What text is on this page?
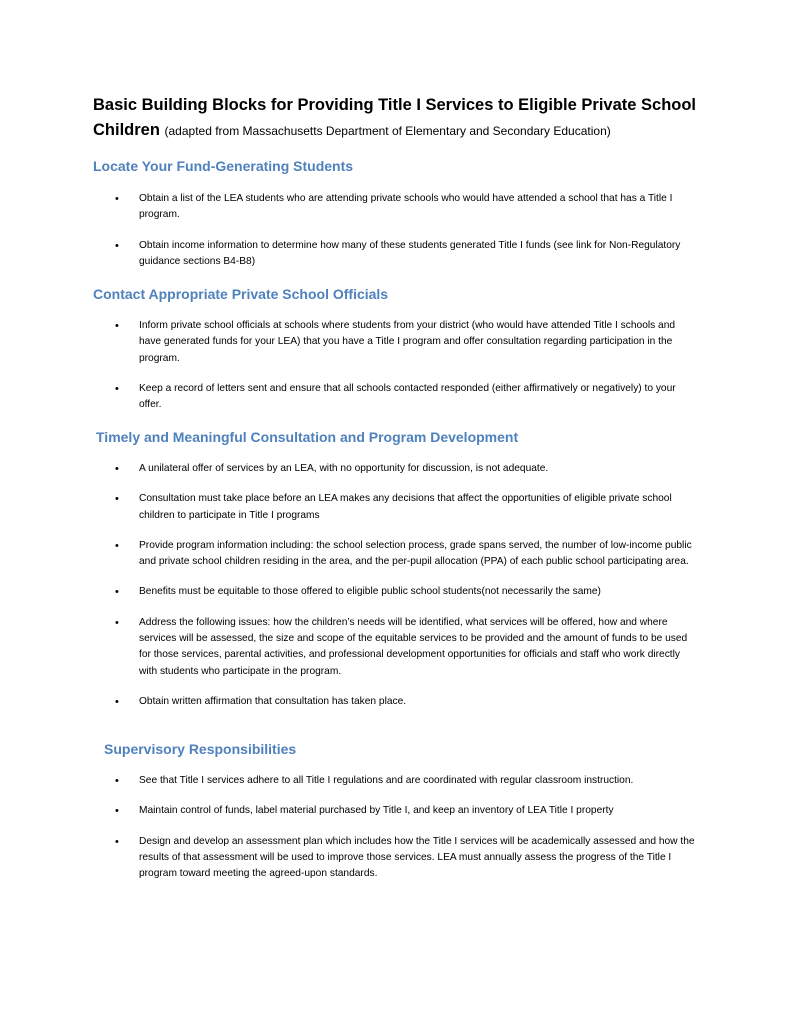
Basic Building Blocks for Providing Title I Services to Eligible Private School
Children (adapted from Massachusetts Department of Elementary and Secondary Education)
Locate Your Fund-Generating Students
• Obtain a list of the LEA students who are attending private schools who would have attended a school that has a Title I program.
• Obtain income information to determine how many of these students generated Title I funds (see link for Non-Regulatory guidance sections B4-B8)
Contact Appropriate Private School Officials
• Inform private school officials at schools where students from your district (who would have attended Title I schools and have generated funds for your LEA) that you have a Title I program and offer consultation regarding participation in the program.
• Keep a record of letters sent and ensure that all schools contacted responded (either affirmatively or negatively) to your offer.
Timely and Meaningful Consultation and Program Development
• A unilateral offer of services by an LEA, with no opportunity for discussion, is not adequate.
• Consultation must take place before an LEA makes any decisions that affect the opportunities of eligible private school children to participate in Title I programs
• Provide program information including: the school selection process, grade spans served, the number of low-income public and private school children residing in the area, and the per-pupil allocation (PPA) of each public school participating area.
• Benefits must be equitable to those offered to eligible public school students(not necessarily the same)
• Address the following issues: how the children’s needs will be identified, what services will be offered, how and where services will be assessed, the size and scope of the equitable services to be provided and the amount of funds to be used for those services, parental activities, and professional development opportunities for officials and staff who work directly with students who participate in the program.
• Obtain written affirmation that consultation has taken place.
Supervisory Responsibilities
• See that Title I services adhere to all Title I regulations and are coordinated with regular classroom instruction.
• Maintain control of funds, label material purchased by Title I, and keep an inventory of LEA Title I property
• Design and develop an assessment plan which includes how the Title I services will be academically assessed and how the results of that assessment will be used to improve those services. LEA must annually assess the progress of the Title I program toward meeting the agreed-upon standards.
